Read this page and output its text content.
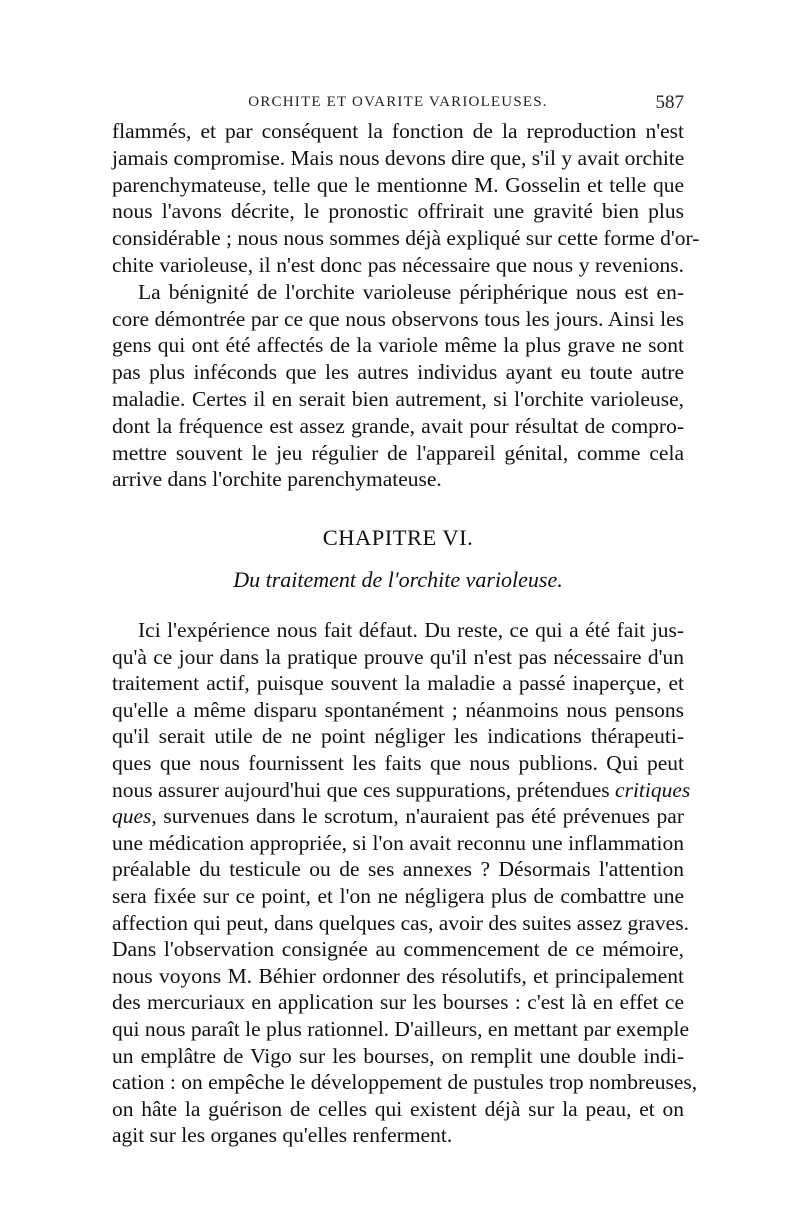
ORCHITE ET OVARITE VARIOLEUSES.	587
flammés, et par conséquent la fonction de la reproduction n'est
jamais compromise. Mais nous devons dire que, s'il y avait orchite
parenchymateuse, telle que le mentionne M. Gosselin et telle que
nous l'avons décrite, le pronostic offrirait une gravité bien plus
considérable ; nous nous sommes déjà expliqué sur cette forme d'or-
chite varioleuse, il n'est donc pas nécessaire que nous y revenions.
La bénignité de l'orchite varioleuse périphérique nous est en-
core démontrée par ce que nous observons tous les jours. Ainsi les
gens qui ont été affectés de la variole même la plus grave ne sont
pas plus inféconds que les autres individus ayant eu toute autre
maladie. Certes il en serait bien autrement, si l'orchite varioleuse,
dont la fréquence est assez grande, avait pour résultat de compro-
mettre souvent le jeu régulier de l'appareil génital, comme cela
arrive dans l'orchite parenchymateuse.
CHAPITRE VI.
Du traitement de l'orchite varioleuse.
Ici l'expérience nous fait défaut. Du reste, ce qui a été fait jus-
qu'à ce jour dans la pratique prouve qu'il n'est pas nécessaire d'un
traitement actif, puisque souvent la maladie a passé inaperçue, et
qu'elle a même disparu spontanément ; néanmoins nous pensons
qu'il serait utile de ne point négliger les indications thérapeuti-
ques que nous fournissent les faits que nous publions. Qui peut
nous assurer aujourd'hui que ces suppurations, prétendues critiques
ques, survenues dans le scrotum, n'auraient pas été prévenues par
une médication appropriée, si l'on avait reconnu une inflammation
préalable du testicule ou de ses annexes ? Désormais l'attention
sera fixée sur ce point, et l'on ne négligera plus de combattre une
affection qui peut, dans quelques cas, avoir des suites assez graves.
Dans l'observation consignée au commencement de ce mémoire,
nous voyons M. Béhier ordonner des résolutifs, et principalement
des mercuriaux en application sur les bourses : c'est là en effet ce
qui nous paraît le plus rationnel. D'ailleurs, en mettant par exemple
un emplâtre de Vigo sur les bourses, on remplit une double indi-
cation : on empêche le développement de pustules trop nombreuses,
on hâte la guérison de celles qui existent déjà sur la peau, et on
agit sur les organes qu'elles renferment.
